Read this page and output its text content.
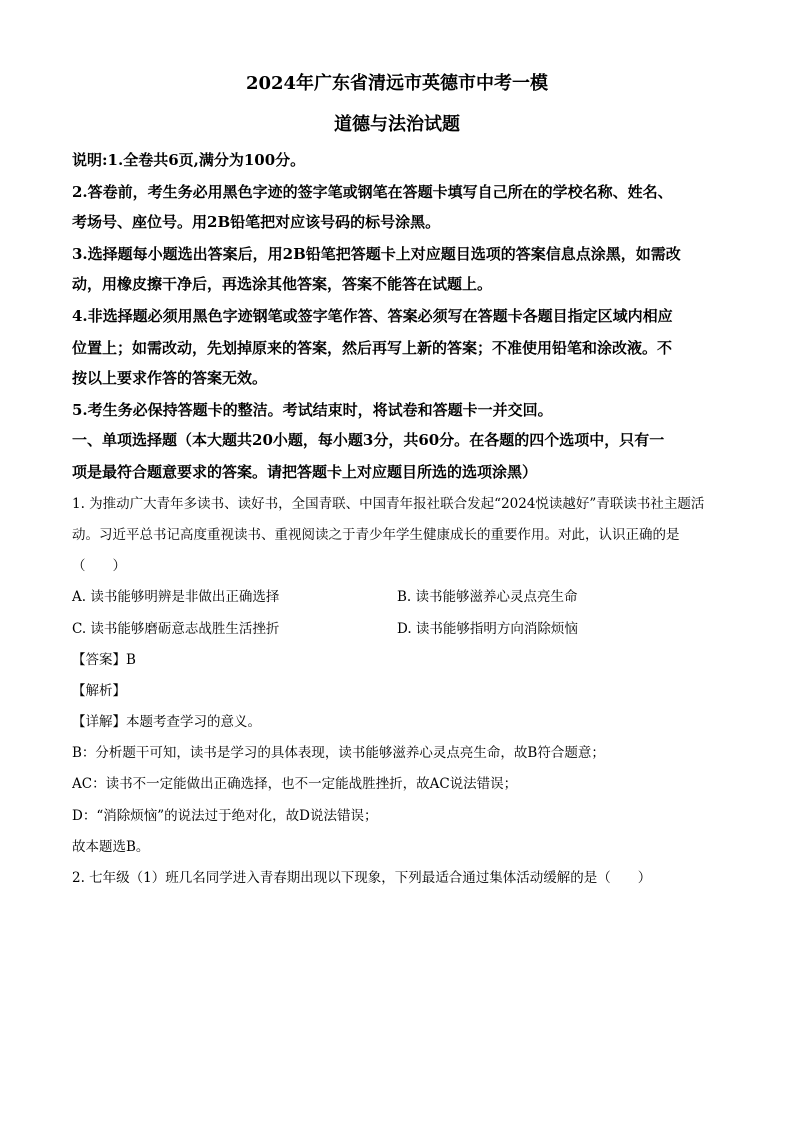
2024年广东省清远市英德市中考一模
道德与法治试题
说明:1.全卷共6页,满分为100分。
2.答卷前，考生务必用黑色字迹的签字笔或钢笔在答题卡填写自己所在的学校名称、姓名、
考场号、座位号。用2B铅笔把对应该号码的标号涂黑。
3.选择题每小题选出答案后，用2B铅笔把答题卡上对应题目选项的答案信息点涂黑，如需改
动，用橡皮擦干净后，再选涂其他答案，答案不能答在试题上。
4.非选择题必须用黑色字迹钢笔或签字笔作答、答案必须写在答题卡各题目指定区域内相应
位置上；如需改动，先划掉原来的答案，然后再写上新的答案；不准使用铅笔和涂改液。不
按以上要求作答的答案无效。
5.考生务必保持答题卡的整洁。考试结束时，将试卷和答题卡一并交回。
一、单项选择题（本大题共20小题，每小题3分，共60分。在各题的四个选项中，只有一
项是最符合题意要求的答案。请把答题卡上对应题目所选的选项涂黑）
1. 为推动广大青年多读书、读好书，全国青联、中国青年报社联合发起“2024悦读越好”青联读书社主题活
动。习近平总书记高度重视读书、重视阅读之于青少年学生健康成长的重要作用。对此，认识正确的是
（　　）
A. 读书能够明辨是非做出正确选择	B. 读书能够滋养心灵点亮生命
C. 读书能够磨砺意志战胜生活挫折	D. 读书能够指明方向消除烦恼
【答案】B
【解析】
【详解】本题考查学习的意义。
B：分析题干可知，读书是学习的具体表现，读书能够滋养心灵点亮生命，故B符合题意；
AC：读书不一定能做出正确选择，也不一定能战胜挫折，故AC说法错误；
D：“消除烦恼”的说法过于绝对化，故D说法错误；
故本题选B。
2. 七年级（1）班几名同学进入青春期出现以下现象，下列最适合通过集体活动缓解的是（　　）
